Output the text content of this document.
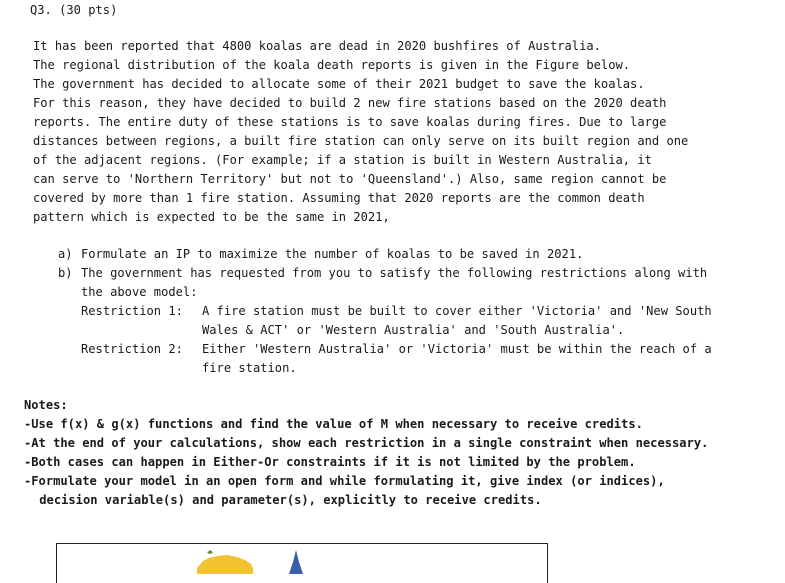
Q3. (30 pts)
It has been reported that 4800 koalas are dead in 2020 bushfires of Australia.
The regional distribution of the koala death reports is given in the Figure below.
The government has decided to allocate some of their 2021 budget to save the koalas.
For this reason, they have decided to build 2 new fire stations based on the 2020 death
reports. The entire duty of these stations is to save koalas during fires. Due to large
distances between regions, a built fire station can only serve on its built region and one
of the adjacent regions. (For example; if a station is built in Western Australia, it
can serve to 'Northern Territory' but not to 'Queensland'.) Also, same region cannot be
covered by more than 1 fire station. Assuming that 2020 reports are the common death
pattern which is expected to be the same in 2021,
a) Formulate an IP to maximize the number of koalas to be saved in 2021.
b) The government has requested from you to satisfy the following restrictions along with
the above model:
Restriction 1: A fire station must be built to cover either 'Victoria' and 'New South
Wales & ACT' or 'Western Australia' and 'South Australia'.
Restriction 2: Either 'Western Australia' or 'Victoria' must be within the reach of a
fire station.
Notes:
-Use f(x) & g(x) functions and find the value of M when necessary to receive credits.
-At the end of your calculations, show each restriction in a single constraint when necessary.
-Both cases can happen in Either-Or constraints if it is not limited by the problem.
-Formulate your model in an open form and while formulating it, give index (or indices),
decision variable(s) and parameter(s), explicitly to receive credits.
